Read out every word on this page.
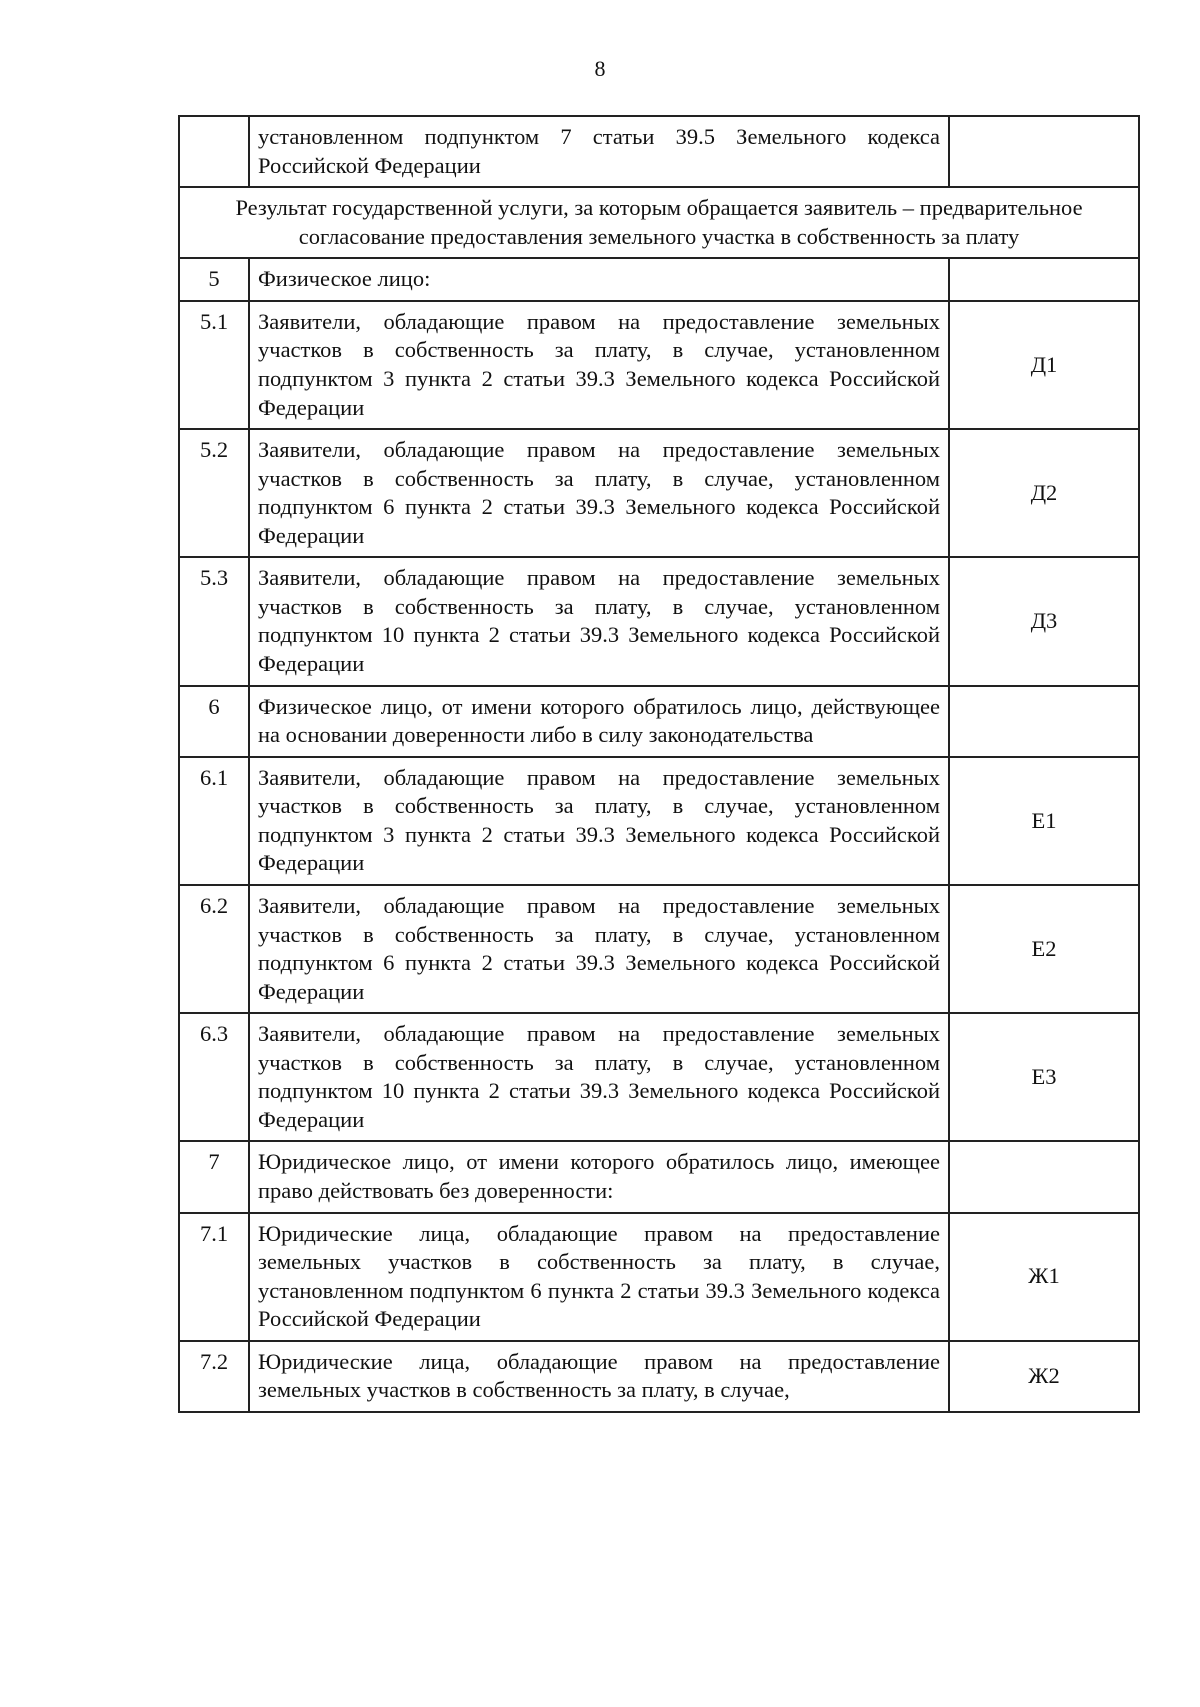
8
	установленном подпунктом 7 статьи 39.5 Земельного кодекса Российской Федерации	
Результат государственной услуги, за которым обращается заявитель – предварительное согласование предоставления земельного участка в собственность за плату		
5	Физическое лицо:	
5.1	Заявители, обладающие правом на предоставление земельных участков в собственность за плату, в случае, установленном подпунктом 3 пункта 2 статьи 39.3 Земельного кодекса Российской Федерации	Д1
5.2	Заявители, обладающие правом на предоставление земельных участков в собственность за плату, в случае, установленном подпунктом 6 пункта 2 статьи 39.3 Земельного кодекса Российской Федерации	Д2
5.3	Заявители, обладающие правом на предоставление земельных участков в собственность за плату, в случае, установленном подпунктом 10 пункта 2 статьи 39.3 Земельного кодекса Российской Федерации	Д3
6	Физическое лицо, от имени которого обратилось лицо, действующее на основании доверенности либо в силу законодательства	
6.1	Заявители, обладающие правом на предоставление земельных участков в собственность за плату, в случае, установленном подпунктом 3 пункта 2 статьи 39.3 Земельного кодекса Российской Федерации	Е1
6.2	Заявители, обладающие правом на предоставление земельных участков в собственность за плату, в случае, установленном подпунктом 6 пункта 2 статьи 39.3 Земельного кодекса Российской Федерации	Е2
6.3	Заявители, обладающие правом на предоставление земельных участков в собственность за плату, в случае, установленном подпунктом 10 пункта 2 статьи 39.3 Земельного кодекса Российской Федерации	Е3
7	Юридическое лицо, от имени которого обратилось лицо, имеющее право действовать без доверенности:	
7.1	Юридические лица, обладающие правом на предоставление земельных участков в собственность за плату, в случае, установленном подпунктом 6 пункта 2 статьи 39.3 Земельного кодекса Российской Федерации	Ж1
7.2	Юридические лица, обладающие правом на предоставление земельных участков в собственность за плату, в случае,	Ж2
